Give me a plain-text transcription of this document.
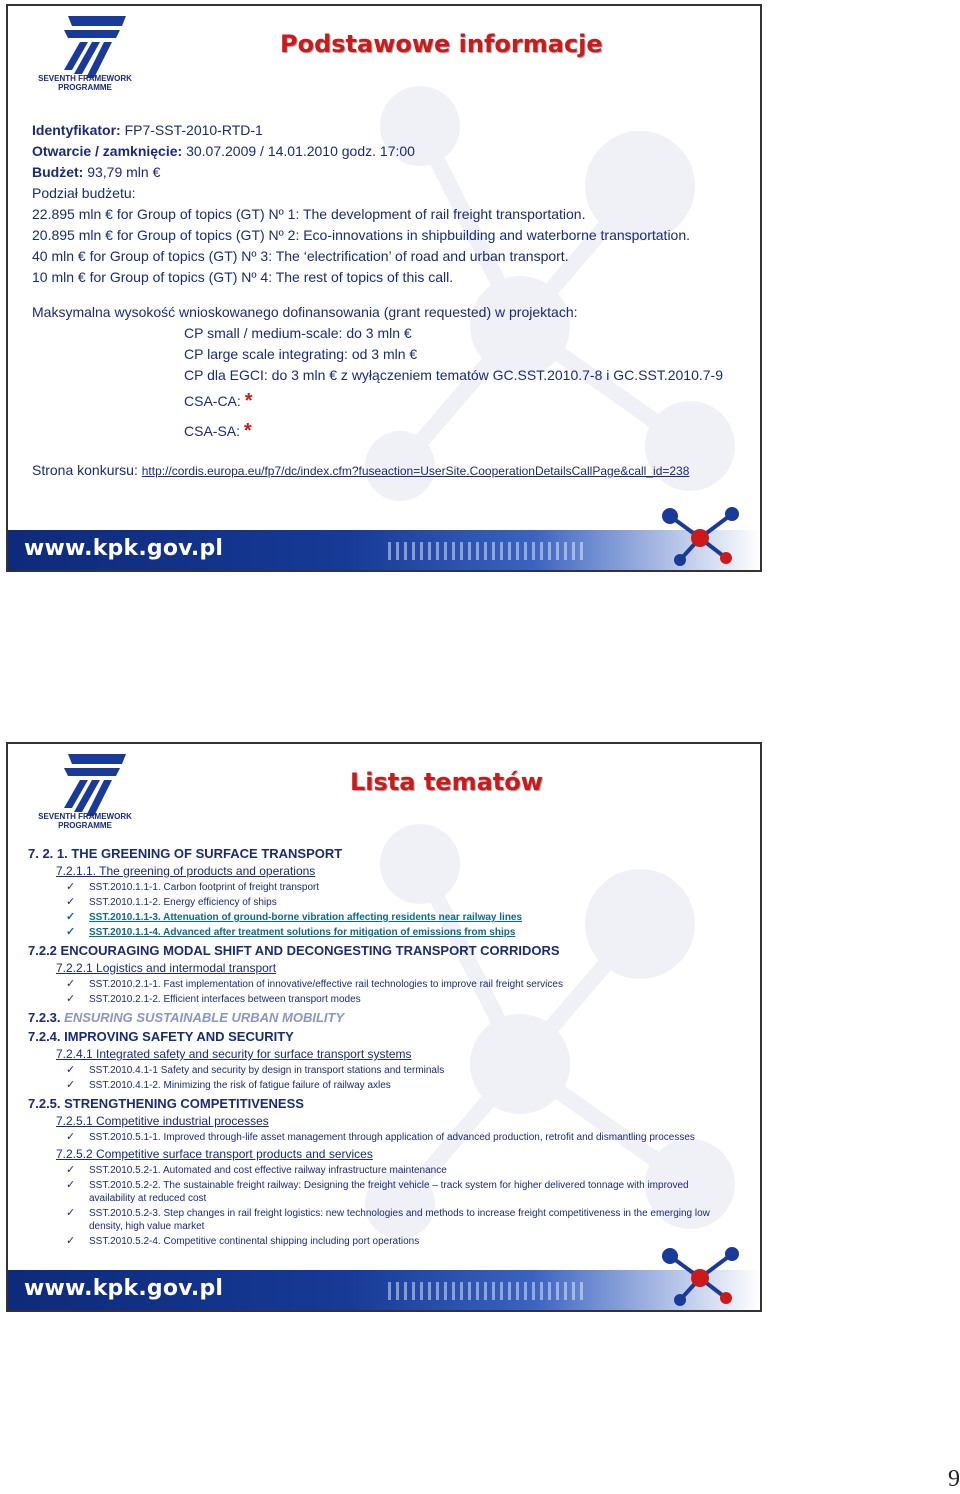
SEVENTH FRAMEWORK
PROGRAMME
Podstawowe informacje
Identyfikator: FP7-SST-2010-RTD-1
Otwarcie / zamknięcie: 30.07.2009 / 14.01.2010 godz. 17:00
Budżet: 93,79 mln €
Podział budżetu:
22.895 mln € for Group of topics (GT) Nº 1: The development of rail freight transportation.
20.895 mln € for Group of topics (GT) Nº 2: Eco-innovations in shipbuilding and waterborne transportation.
40 mln € for Group of topics (GT) Nº 3: The ‘electrification’ of road and urban transport.
10 mln € for Group of topics (GT) Nº 4: The rest of topics of this call.
Maksymalna wysokość wnioskowanego dofinansowania (grant requested) w projektach:
CP small / medium-scale: do 3 mln €
CP large scale integrating: od 3 mln €
CP dla EGCI: do 3 mln € z wyłączeniem tematów GC.SST.2010.7-8 i GC.SST.2010.7-9
CSA-CA: *
CSA-SA: *
Strona konkursu: http://cordis.europa.eu/fp7/dc/index.cfm?fuseaction=UserSite.CooperationDetailsCallPage&call_id=238
www.kpk.gov.pl
SEVENTH FRAMEWORK
PROGRAMME
Lista tematów
7. 2. 1. THE GREENING OF SURFACE TRANSPORT
7.2.1.1. The greening of products and operations
✓ SST.2010.1.1-1. Carbon footprint of freight transport
✓ SST.2010.1.1-2. Energy efficiency of ships
✓ SST.2010.1.1-3. Attenuation of ground-borne vibration affecting residents near railway lines
✓ SST.2010.1.1-4. Advanced after treatment solutions for mitigation of emissions from ships
7.2.2 ENCOURAGING MODAL SHIFT AND DECONGESTING TRANSPORT CORRIDORS
7.2.2.1 Logistics and intermodal transport
✓ SST.2010.2.1-1. Fast implementation of innovative/effective rail technologies to improve rail freight services
✓ SST.2010.2.1-2. Efficient interfaces between transport modes
7.2.3. ENSURING SUSTAINABLE URBAN MOBILITY
7.2.4. IMPROVING SAFETY AND SECURITY
7.2.4.1 Integrated safety and security for surface transport systems
✓ SST.2010.4.1-1 Safety and security by design in transport stations and terminals
✓ SST.2010.4.1-2. Minimizing the risk of fatigue failure of railway axles
7.2.5. STRENGTHENING COMPETITIVENESS
7.2.5.1 Competitive industrial processes
✓ SST.2010.5.1-1. Improved through-life asset management through application of advanced production, retrofit and dismantling processes
7.2.5.2 Competitive surface transport products and services
✓ SST.2010.5.2-1. Automated and cost effective railway infrastructure maintenance
✓ SST.2010.5.2-2. The sustainable freight railway: Designing the freight vehicle – track system for higher delivered tonnage with improved availability at reduced cost
✓ SST.2010.5.2-3. Step changes in rail freight logistics: new technologies and methods to increase freight competitiveness in the emerging low density, high value market
✓ SST.2010.5.2-4. Competitive continental shipping including port operations
www.kpk.gov.pl
9
